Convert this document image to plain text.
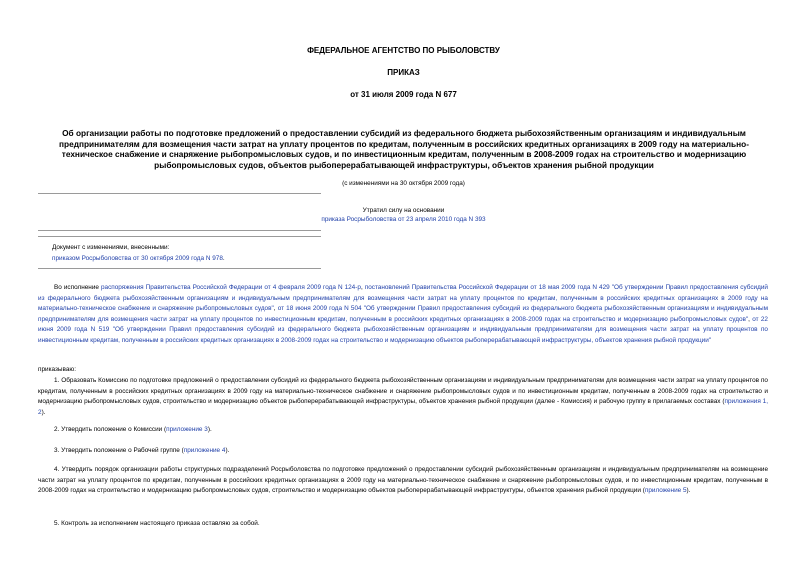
ФЕДЕРАЛЬНОЕ АГЕНТСТВО ПО РЫБОЛОВСТВУ
ПРИКАЗ
от 31 июля 2009 года N 677
Об организации работы по подготовке предложений о предоставлении субсидий из федерального бюджета рыбохозяйственным организациям и индивидуальным предпринимателям для возмещения части затрат на уплату процентов по кредитам, полученным в российских кредитных организациях в 2009 году на материально-техническое снабжение и снаряжение рыбопромысловых судов, и по инвестиционным кредитам, полученным в 2008-2009 годах на строительство и модернизацию рыбопромысловых судов, объектов рыбоперерабатывающей инфраструктуры, объектов хранения рыбной продукции
(с изменениями на 30 октября 2009 года)
Утратил силу на основании
приказа Росрыболовства от 23 апреля 2010 года N 393
Документ с изменениями, внесенными:
приказом Росрыболовства от 30 октября 2009 года N 978.
Во исполнение распоряжения Правительства Российской Федерации от 4 февраля 2009 года N 124-р, постановлений Правительства Российской Федерации от 18 мая 2009 года N 429 "Об утверждении Правил предоставления субсидий из федерального бюджета рыбохозяйственным организациям и индивидуальным предпринимателям для возмещения части затрат на уплату процентов по кредитам, полученным в российских кредитных организациях в 2009 году на материально-техническое снабжение и снаряжение рыбопромысловых судов", от 18 июня 2009 года N 504 "Об утверждении Правил предоставления субсидий из федерального бюджета рыбохозяйственным организациям и индивидуальным предпринимателям для возмещения части затрат на уплату процентов по инвестиционным кредитам, полученным в российских кредитных организациях в 2008-2009 годах на строительство и модернизацию рыбопромысловых судов", от 22 июня 2009 года N 519 "Об утверждении Правил предоставления субсидий из федерального бюджета рыбохозяйственным организациям и индивидуальным предпринимателям для возмещения части затрат на уплату процентов по инвестиционным кредитам, полученным в российских кредитных организациях в 2008-2009 годах на строительство и модернизацию объектов рыбоперерабатывающей инфраструктуры, объектов хранения рыбной продукции"
приказываю:
1. Образовать Комиссию по подготовке предложений о предоставлении субсидий из федерального бюджета рыбохозяйственным организациям и индивидуальным предпринимателям для возмещения части затрат на уплату процентов по кредитам, полученным в российских кредитных организациях в 2009 году на материально-техническое снабжение и снаряжение рыбопромысловых судов и по инвестиционным кредитам, полученным в 2008-2009 годах на строительство и модернизацию рыбопромысловых судов, строительство и модернизацию объектов рыбоперерабатывающей инфраструктуры, объектов хранения рыбной продукции (далее - Комиссия) и рабочую группу в прилагаемых составах (приложения 1, 2).
2. Утвердить положение о Комиссии (приложение 3).
3. Утвердить положение о Рабочей группе (приложение 4).
4. Утвердить порядок организации работы структурных подразделений Росрыболовства по подготовке предложений о предоставлении субсидий рыбохозяйственным организациям и индивидуальным предпринимателям на возмещение части затрат на уплату процентов по кредитам, полученным в российских кредитных организациях в 2009 году на материально-техническое снабжение и снаряжение рыбопромысловых судов, и по инвестиционным кредитам, полученным в 2008-2009 годах на строительство и модернизацию рыбопромысловых судов, строительство и модернизацию объектов рыбоперерабатывающей инфраструктуры, объектов хранения рыбной продукции (приложение 5).
5. Контроль за исполнением настоящего приказа оставляю за собой.
